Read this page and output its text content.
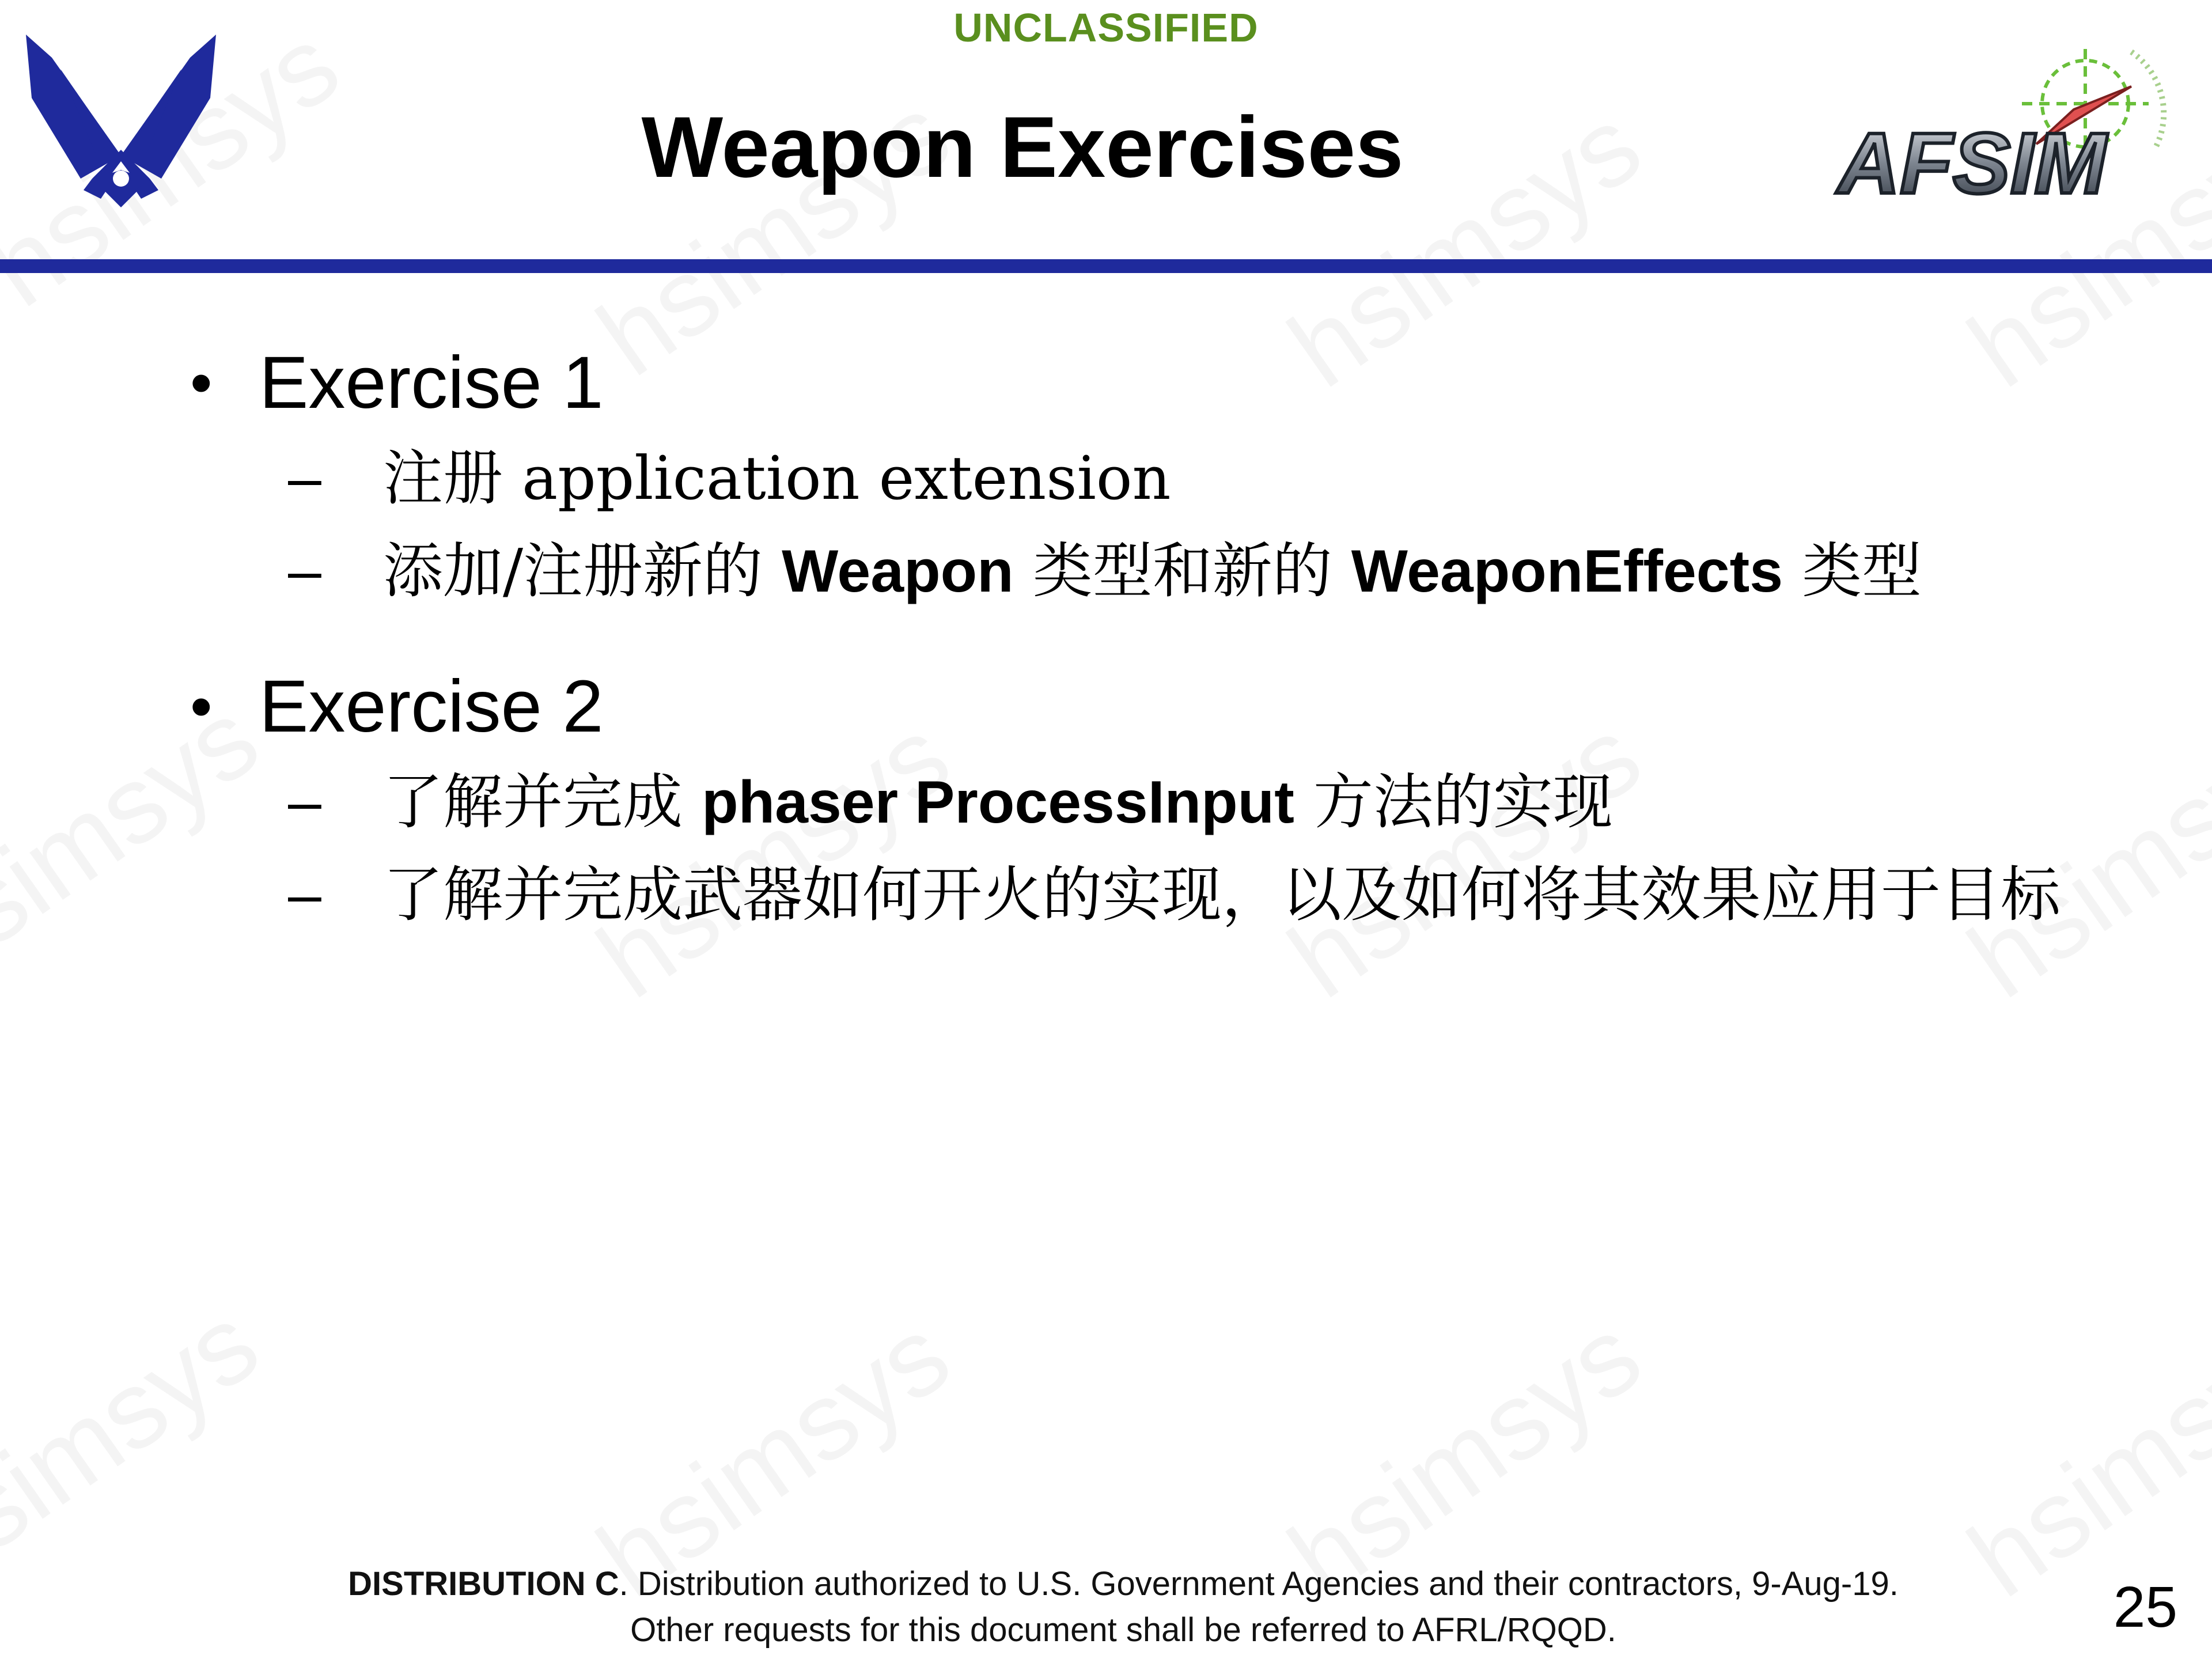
UNCLASSIFIED
Weapon Exercises	AFSIM
• Exercise 1
– 注册 application extension
– 添加/注册新的 Weapon 类型和新的 WeaponEffects 类型
• Exercise 2
– 了解并完成 phaser ProcessInput 方法的实现
– 了解并完成武器如何开火的实现，以及如何将其效果应用于目标
DISTRIBUTION C. Distribution authorized to U.S. Government Agencies and their contractors, 9-Aug-19.
Other requests for this document shall be referred to AFRL/RQQD.	25
